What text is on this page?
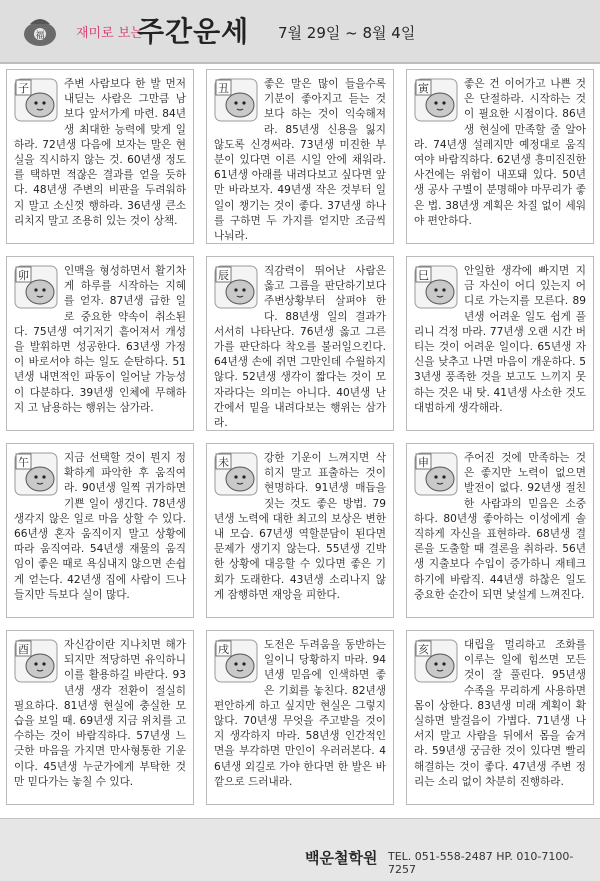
福 재미로 보는
주간운세 7월 29일 ~ 8월 4일
子	주변 사람보다 한 발 먼저 내딛는 사람은 그만큼 남보다 앞서가게 마련. 84년생 최대한 능력에 맞게 일하라. 72년생 다음에 보자는 말은 현실을 직시하지 않는 것. 60년생 정도를 택하면 적잖은 결과를 얻을 듯하다. 48년생 주변의 비판을 두려워하지 말고 소신껏 행하라. 36년생 큰소리치지 말고 조용히 있는 것이 상책.
丑	좋은 말은 많이 들을수록 기분이 좋아지고 듣는 것보다 하는 것이 익숙해져라. 85년생 신용을 잃지 않도록 신경써라. 73년생 미진한 부분이 있다면 이른 시일 안에 채워라. 61년생 아래를 내려다보고 싶다면 앞만 바라보자. 49년생 작은 것부터 일일이 챙기는 것이 좋다. 37년생 하나를 구하면 두 가지를 얻지만 조금씩 나눠라.
寅	좋은 건 이어가고 나쁜 것은 단절하라. 시작하는 것이 필요한 시점이다. 86년생 현실에 만족할 줄 알아라. 74년생 설레지만 예정대로 움직여야 바람직하다. 62년생 흥미진진한 사건에는 위험이 내포돼 있다. 50년생 공사 구별이 분명해야 마무리가 좋은 법. 38년생 계획은 차질 없이 세워야 편안하다.
卯	인맥을 형성하면서 활기차게 하루를 시작하는 지혜를 얻자. 87년생 급한 일로 중요한 약속이 취소된다. 75년생 여기저기 흩어져서 개성을 발휘하면 성공한다. 63년생 가정이 바로서야 하는 일도 순탄하다. 51년생 내면적인 파동이 일어날 가능성이 다분하다. 39년생 인체에 무해하지 고 남용하는 행위는 삼가라.
辰	직감력이 뛰어난 사람은 옳고 그름을 판단하기보다 주변상황부터 살펴야 한다. 88년생 일의 결과가 서서히 나타난다. 76년생 옳고 그른가를 판단하다 착오를 불러일으킨다. 64년생 손에 쥐면 그만인데 수월하지 않다. 52년생 생각이 짧다는 것이 모자라다는 의미는 아니다. 40년생 난간에서 밑을 내려다보는 행위는 삼가라.
巳	안일한 생각에 빠지면 지금 자신이 어디 있는지 어디로 가는지를 모른다. 89년생 어려운 일도 쉽게 풀리니 걱정 마라. 77년생 오랜 시간 버티는 것이 어려운 일이다. 65년생 자신을 낮추고 나면 마음이 개운하다. 53년생 풍족한 것을 보고도 느끼지 못하는 것은 내 탓. 41년생 사소한 것도 대범하게 생각해라.
午	지금 선택할 것이 뭔지 정확하게 파악한 후 움직여라. 90년생 일찍 귀가하면 기쁜 일이 생긴다. 78년생 생각지 않은 일로 마음 상할 수 있다. 66년생 혼자 움직이지 말고 상황에 따라 움직여라. 54년생 재물의 움직임이 좋은 때로 욕심내지 않으면 손쉽게 얻는다. 42년생 집에 사람이 드나들지만 득보다 실이 많다.
未	강한 기운이 느껴지면 삭히지 말고 표출하는 것이 현명하다. 91년생 매듭을 짓는 것도 좋은 방법. 79년생 노력에 대한 최고의 보상은 변한 내 모습. 67년생 역할분담이 된다면 문제가 생기지 않는다. 55년생 긴박한 상황에 대응할 수 있다면 좋은 기회가 도래한다. 43년생 소리나지 않게 잠행하면 재앙을 피한다.
申	주어진 것에 만족하는 것은 좋지만 노력이 없으면 발전이 없다. 92년생 절친한 사람과의 믿음은 소중하다. 80년생 좋아하는 이성에게 솔직하게 자신을 표현하라. 68년생 결론을 도출할 때 결론을 취하라. 56년생 지출보다 수입이 증가하니 재테크하기에 바람직. 44년생 하찮은 일도 중요한 순간이 되면 낯설게 느껴진다.
酉	자신감이란 지나치면 해가 되지만 적당하면 유익하니 이를 활용하길 바란다. 93년생 생각 전환이 절실히 필요하다. 81년생 현실에 충실한 모습을 보일 때. 69년생 지금 위치를 고수하는 것이 바람직하다. 57년생 느긋한 마음을 가지면 만사형통한 기운이다. 45년생 누군가에게 부탁한 것만 믿다가는 놓칠 수 있다.
戌	도전은 두려움을 동반하는 일이니 당황하지 마라. 94년생 믿음에 인색하면 좋은 기회를 놓친다. 82년생 편안하게 하고 싶지만 현실은 그렇지 않다. 70년생 무엇을 주고받을 것이지 생각하지 마라. 58년생 인간적인 면을 부각하면 만인이 우러러본다. 46년생 외길로 가야 한다면 한 발은 바깥으로 드러내라.
亥	대립을 멀리하고 조화를 이루는 일에 힘쓰면 모든 것이 잘 풀린다. 95년생 수족을 무리하게 사용하면 몸이 상한다. 83년생 미래 계획이 확실하면 발걸음이 가볍다. 71년생 나서지 말고 사람을 뒤에서 몸을 숨겨라. 59년생 궁금한 것이 있다면 빨리 해결하는 것이 좋다. 47년생 주변 정리는 소리 없이 차분히 진행하라.
백운철학원 TEL. 051-558-2487 HP. 010-7100-7257
